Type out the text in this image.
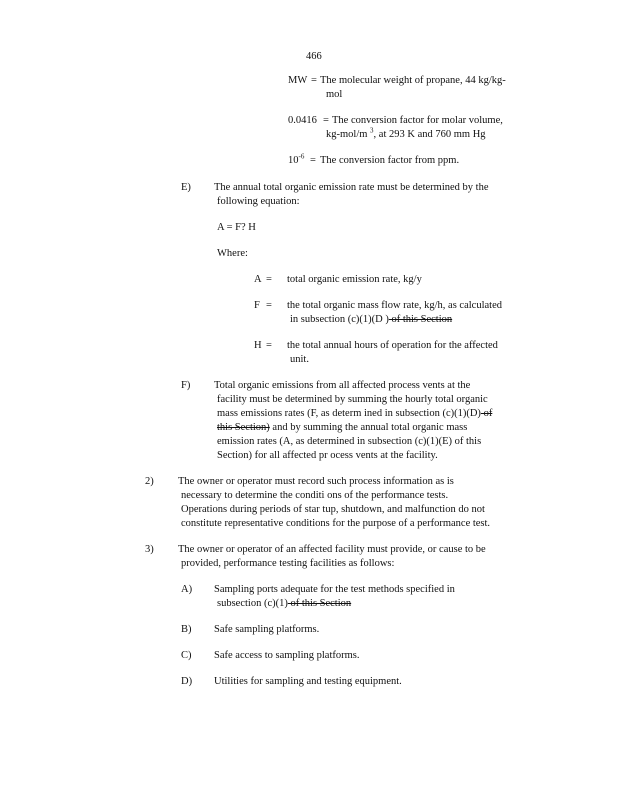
466
MW = The molecular weight of propane, 44 kg/kg-
mol
0.0416 = The conversion factor for molar volume,
kg-mol/m $^3$, at 293 K and 760 mm Hg
$10^{-6}$ = The conversion factor from ppm.
E) The annual total organic emission rate must be determined by the
following equation:
A = F? H
Where:
A = total organic emission rate, kg/y
F = the total organic mass flow rate, kg/h, as calculated
in subsection (c)(1)(D ) of this Section
H = the total annual hours of operation for the affected
unit.
F) Total organic emissions from all affected process vents at the
facility must be determined by summing the hourly total organic
mass emissions rates (F, as determ ined in subsection (c)(1)(D) of
this Section) and by summing the annual total organic mass
emission rates (A, as determined in subsection (c)(1)(E) of this
Section) for all affected pr ocess vents at the facility.
2) The owner or operator must record such process information as is
necessary to determine the conditi ons of the performance tests.
Operations during periods of star tup, shutdown, and malfunction do not
constitute representative conditions for the purpose of a performance test.
3) The owner or operator of an affected facility must provide, or cause to be
provided, performance testing facilities as follows:
A) Sampling ports adequate for the test methods specified in
subsection (c)(1) of this Section
B) Safe sampling platforms.
C) Safe access to sampling platforms.
D) Utilities for sampling and testing equipment.
